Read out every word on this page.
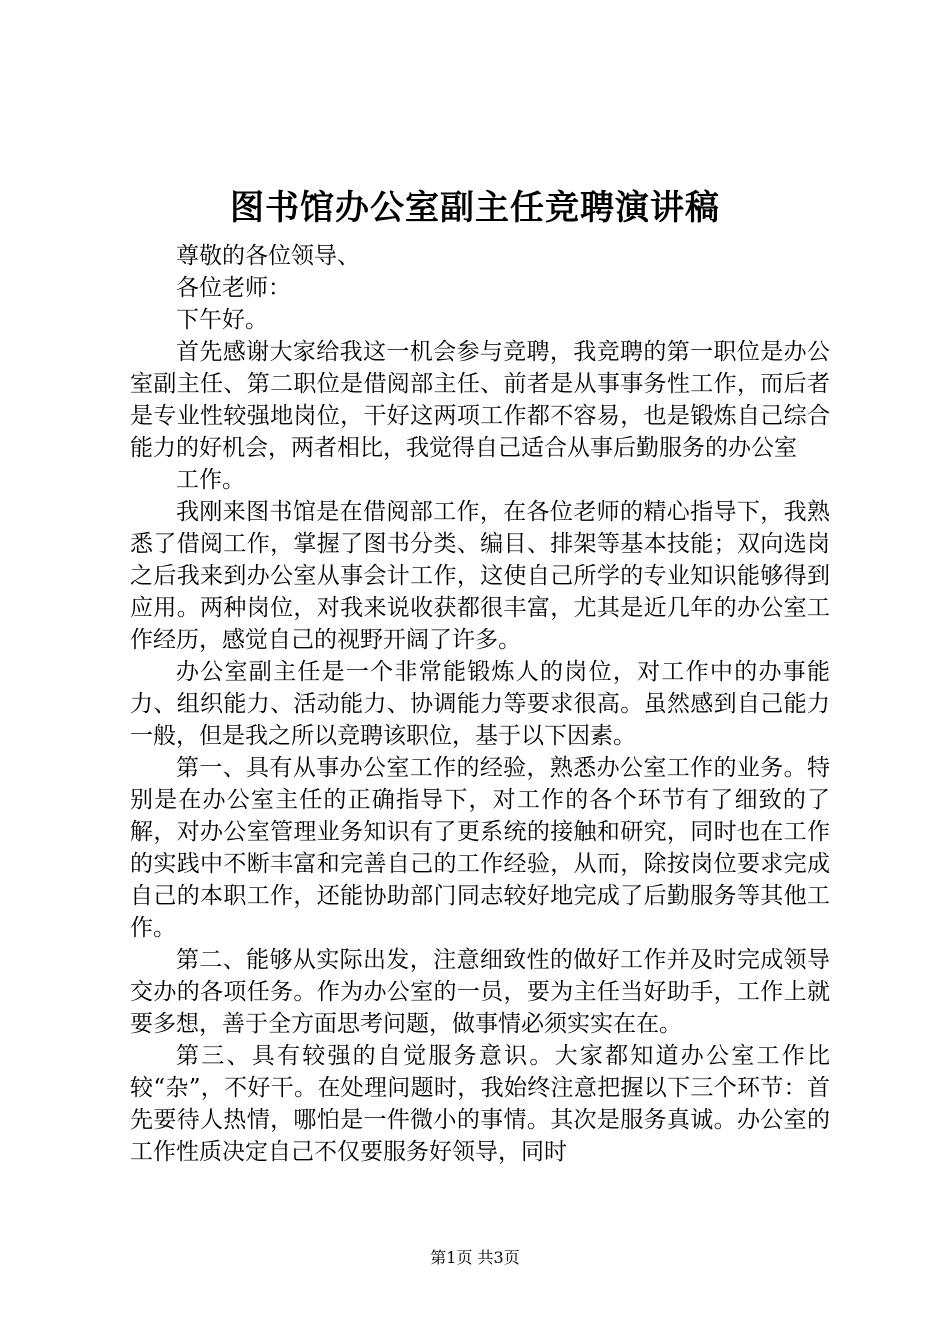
图书馆办公室副主任竞聘演讲稿

尊敬的各位领导、

各位老师：

下午好。

首先感谢大家给我这一机会参与竞聘，我竞聘的第一职位是办公室副主任、第二职位是借阅部主任、前者是从事事务性工作，而后者是专业性较强地岗位，干好这两项工作都不容易，也是锻炼自己综合能力的好机会，两者相比，我觉得自己适合从事后勤服务的办公室

工作。

我刚来图书馆是在借阅部工作，在各位老师的精心指导下，我熟悉了借阅工作，掌握了图书分类、编目、排架等基本技能；双向选岗之后我来到办公室从事会计工作，这使自己所学的专业知识能够得到应用。两种岗位，对我来说收获都很丰富，尤其是近几年的办公室工作经历，感觉自己的视野开阔了许多。

办公室副主任是一个非常能锻炼人的岗位，对工作中的办事能力、组织能力、活动能力、协调能力等要求很高。虽然感到自己能力一般，但是我之所以竞聘该职位，基于以下因素。

第一、具有从事办公室工作的经验，熟悉办公室工作的业务。特别是在办公室主任的正确指导下，对工作的各个环节有了细致的了解，对办公室管理业务知识有了更系统的接触和研究，同时也在工作的实践中不断丰富和完善自己的工作经验，从而，除按岗位要求完成自己的本职工作，还能协助部门同志较好地完成了后勤服务等其他工作。

第二、能够从实际出发，注意细致性的做好工作并及时完成领导交办的各项任务。作为办公室的一员，要为主任当好助手，工作上就要多想，善于全方面思考问题，做事情必须实实在在。

第三、具有较强的自觉服务意识。大家都知道办公室工作比较“杂”，不好干。在处理问题时，我始终注意把握以下三个环节：首先要待人热情，哪怕是一件微小的事情。其次是服务真诚。办公室的工作性质决定自己不仅要服务好领导，同时

第1页 共3页
